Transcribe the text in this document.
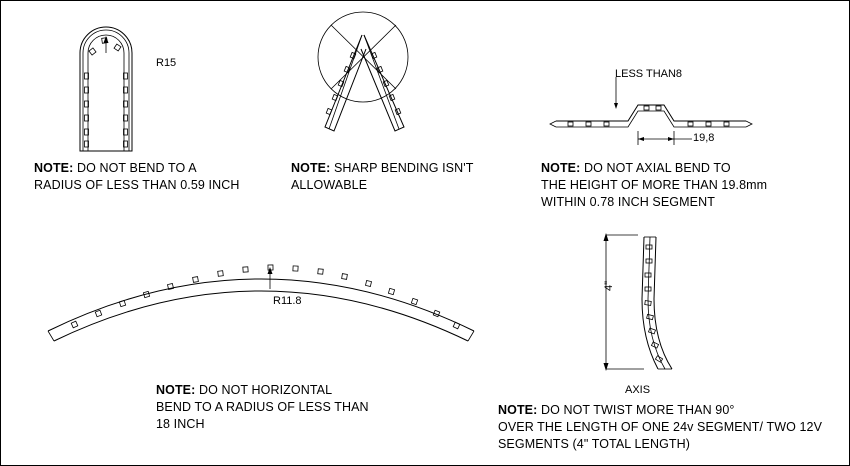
R15
NOTE: DO NOT BEND TO A
RADIUS OF LESS THAN 0.59 INCH
NOTE: SHARP BENDING ISN'T
ALLOWABLE
LESS THAN8
19,8
NOTE: DO NOT AXIAL BEND TO
THE HEIGHT OF MORE THAN 19.8mm
WITHIN 0.78 INCH SEGMENT
R11.8
NOTE: DO NOT HORIZONTAL
BEND TO A RADIUS OF LESS THAN
18 INCH
4"
AXIS
NOTE: DO NOT TWIST MORE THAN 90°
OVER THE LENGTH OF ONE 24v SEGMENT/ TWO 12V
SEGMENTS (4" TOTAL LENGTH)
